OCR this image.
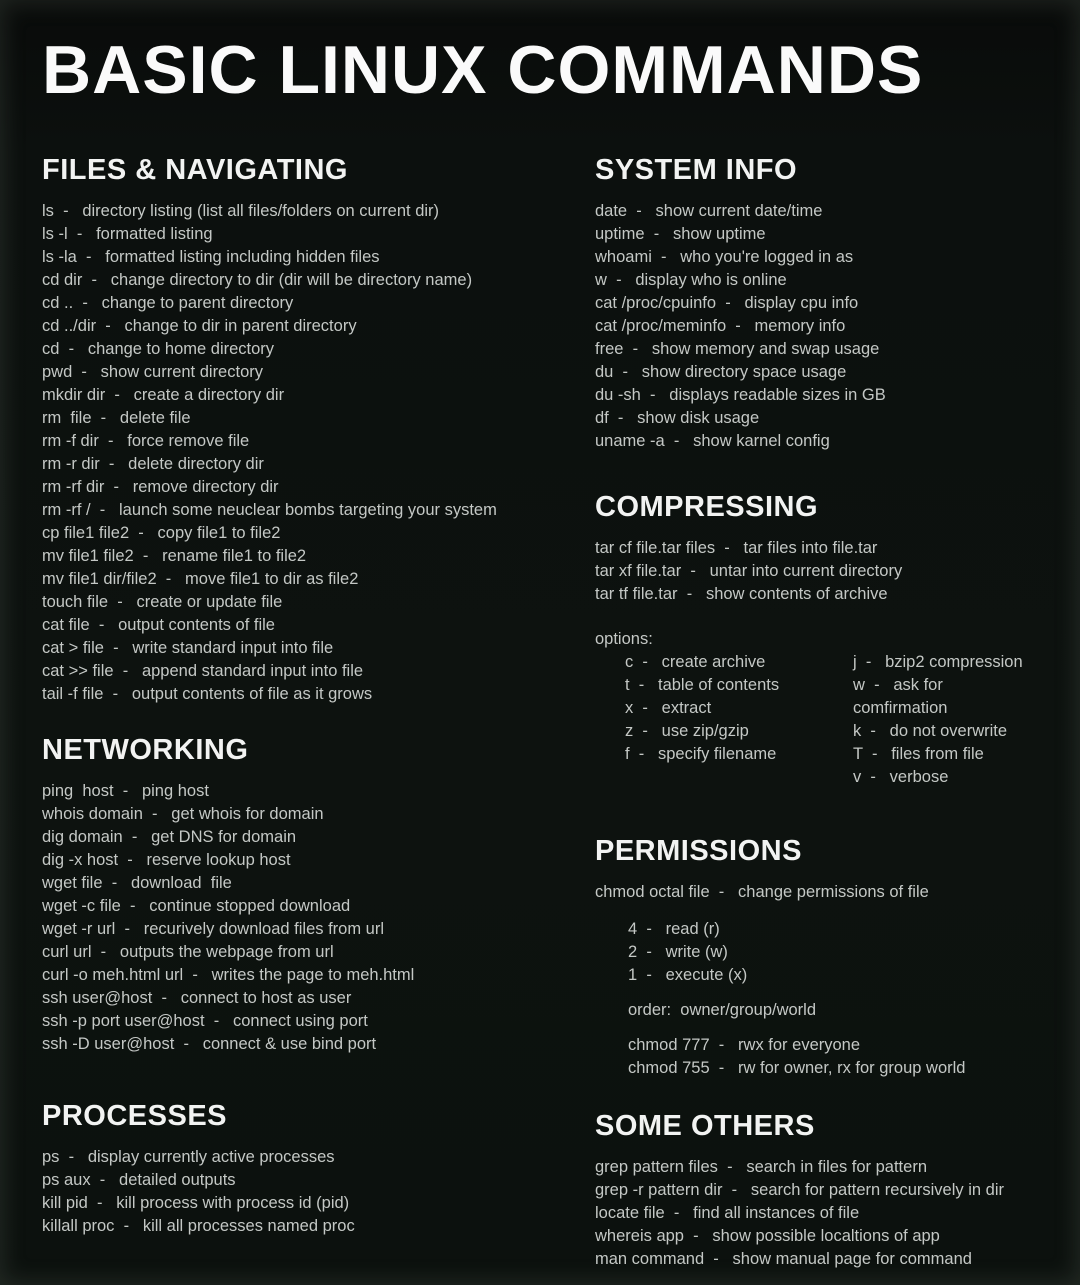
BASIC LINUX COMMANDS
FILES & NAVIGATING
ls  -   directory listing (list all files/folders on current dir)
ls -l  -   formatted listing
ls -la  -   formatted listing including hidden files
cd dir  -   change directory to dir (dir will be directory name)
cd ..  -   change to parent directory
cd ../dir  -   change to dir in parent directory
cd  -   change to home directory
pwd  -   show current directory
mkdir dir  -   create a directory dir
rm  file  -   delete file
rm -f dir  -   force remove file
rm -r dir  -   delete directory dir
rm -rf dir  -   remove directory dir
rm -rf /  -   launch some neuclear bombs targeting your system
cp file1 file2  -   copy file1 to file2
mv file1 file2  -   rename file1 to file2
mv file1 dir/file2  -   move file1 to dir as file2
touch file  -   create or update file
cat file  -   output contents of file
cat > file  -   write standard input into file
cat >> file  -   append standard input into file
tail -f file  -   output contents of file as it grows
NETWORKING
ping  host  -   ping host
whois domain  -   get whois for domain
dig domain  -   get DNS for domain
dig -x host  -   reserve lookup host
wget file  -   download  file
wget -c file  -   continue stopped download
wget -r url  -   recurively download files from url
curl url  -   outputs the webpage from url
curl -o meh.html url  -   writes the page to meh.html
ssh user@host  -   connect to host as user
ssh -p port user@host  -   connect using port
ssh -D user@host  -   connect & use bind port
PROCESSES
ps  -   display currently active processes
ps aux  -   detailed outputs
kill pid  -   kill process with process id (pid)
killall proc  -   kill all processes named proc
SYSTEM INFO
date  -   show current date/time
uptime  -   show uptime
whoami  -   who you're logged in as
w  -   display who is online
cat /proc/cpuinfo  -   display cpu info
cat /proc/meminfo  -   memory info
free  -   show memory and swap usage
du  -   show directory space usage
du -sh  -   displays readable sizes in GB
df  -   show disk usage
uname -a  -   show karnel config
COMPRESSING
tar cf file.tar files  -   tar files into file.tar
tar xf file.tar  -   untar into current directory
tar tf file.tar  -   show contents of archive
options:
c  -   create archive
t  -   table of contents
x  -   extract
z  -   use zip/gzip
f  -   specify filename
j  -   bzip2 compression
w  -   ask for comfirmation
k  -   do not overwrite
T  -   files from file
v  -   verbose
PERMISSIONS
chmod octal file  -   change permissions of file
4  -   read (r)
2  -   write (w)
1  -   execute (x)
order:  owner/group/world
chmod 777  -   rwx for everyone
chmod 755  -   rw for owner, rx for group world
SOME OTHERS
grep pattern files  -   search in files for pattern
grep -r pattern dir  -   search for pattern recursively in dir
locate file  -   find all instances of file
whereis app  -   show possible localtions of app
man command  -   show manual page for command
